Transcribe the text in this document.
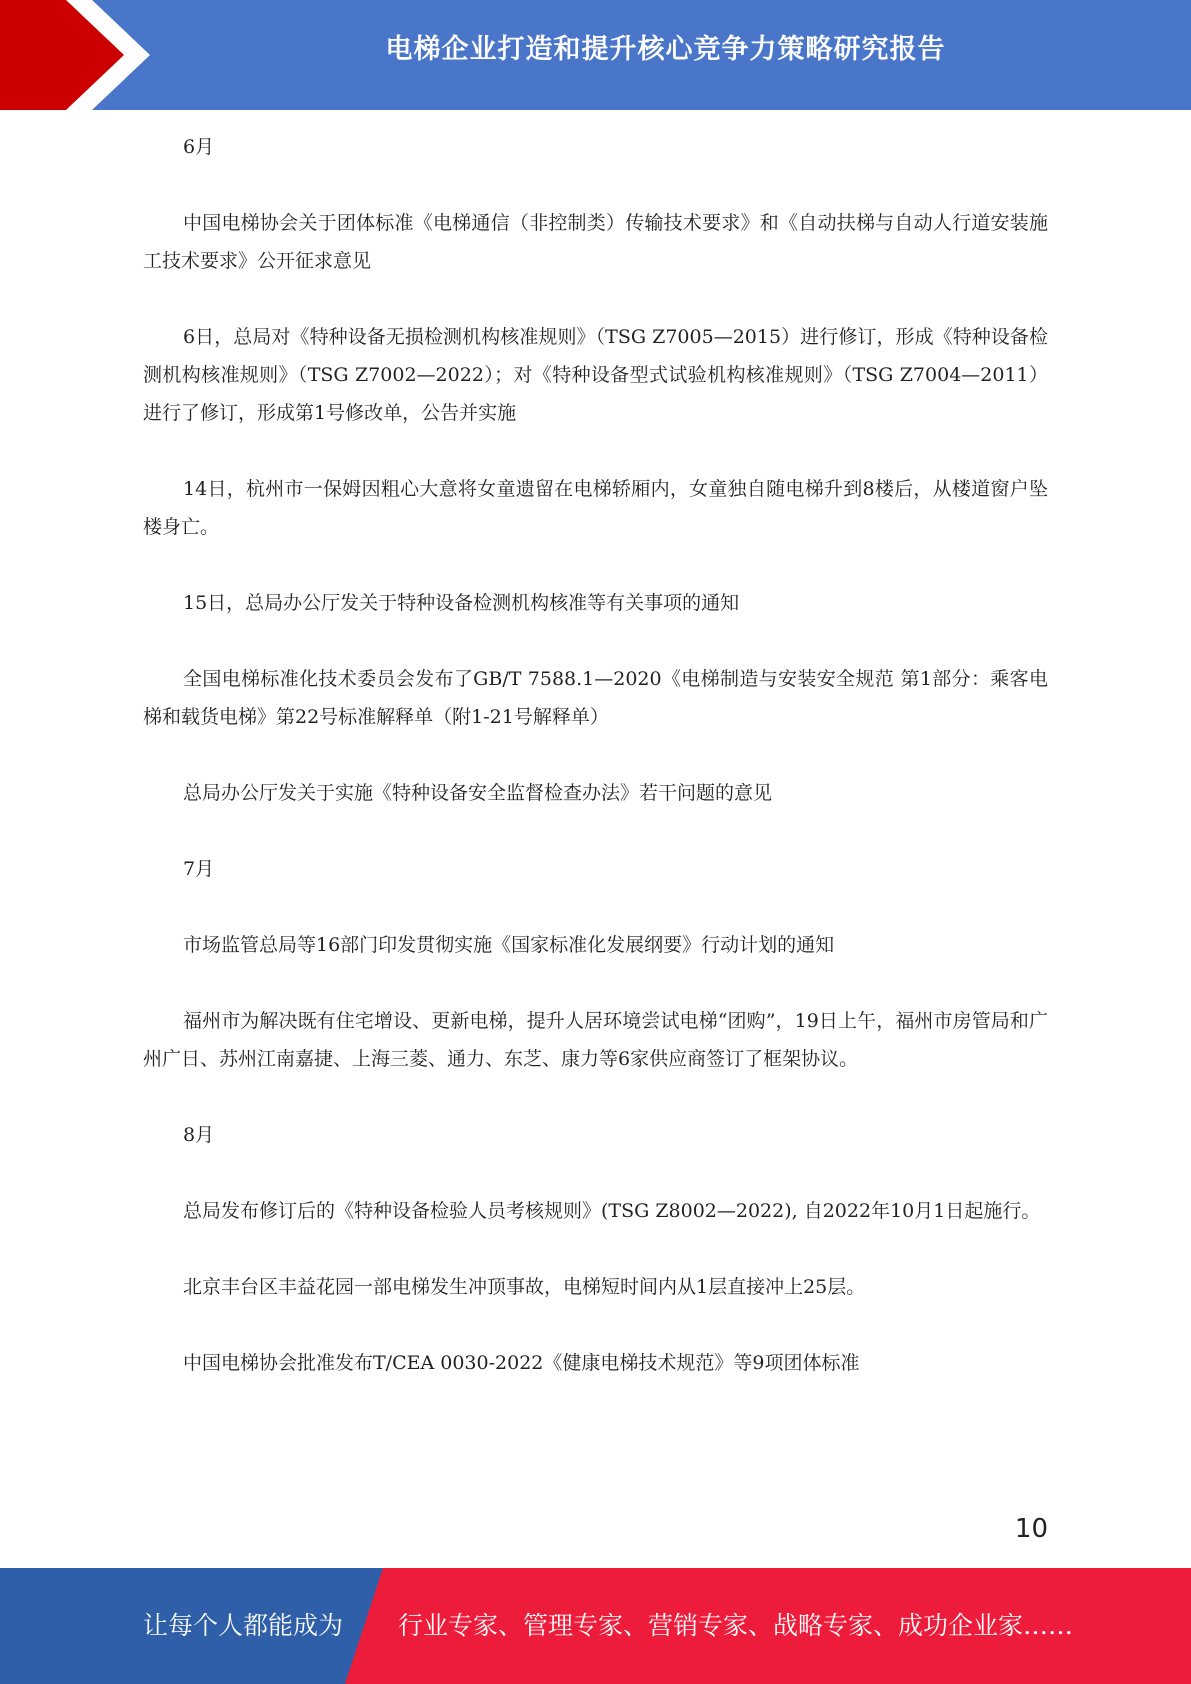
电梯企业打造和提升核心竞争力策略研究报告

6月

中国电梯协会关于团体标准《电梯通信（非控制类）传输技术要求》和《自动扶梯与自动人行道安装施工技术要求》公开征求意见

6日，总局对《特种设备无损检测机构核准规则》（TSG Z7005—2015）进行修订，形成《特种设备检测机构核准规则》（TSG Z7002—2022）；对《特种设备型式试验机构核准规则》（TSG Z7004—2011）进行了修订，形成第1号修改单，公告并实施

14日，杭州市一保姆因粗心大意将女童遗留在电梯轿厢内，女童独自随电梯升到8楼后，从楼道窗户坠楼身亡。

15日，总局办公厅发关于特种设备检测机构核准等有关事项的通知

全国电梯标准化技术委员会发布了GB/T 7588.1—2020《电梯制造与安装安全规范 第1部分：乘客电梯和载货电梯》第22号标准解释单（附1-21号解释单）

总局办公厅发关于实施《特种设备安全监督检查办法》若干问题的意见

7月

市场监管总局等16部门印发贯彻实施《国家标准化发展纲要》行动计划的通知

福州市为解决既有住宅增设、更新电梯，提升人居环境尝试电梯“团购”，19日上午，福州市房管局和广州广日、苏州江南嘉捷、上海三菱、通力、东芝、康力等6家供应商签订了框架协议。

8月

总局发布修订后的《特种设备检验人员考核规则》(TSG Z8002—2022), 自2022年10月1日起施行。

北京丰台区丰益花园一部电梯发生冲顶事故，电梯短时间内从1层直接冲上25层。

中国电梯协会批准发布T/CEA 0030-2022《健康电梯技术规范》等9项团体标准

10
让每个人都能成为 行业专家、管理专家、营销专家、战略专家、成功企业家……
